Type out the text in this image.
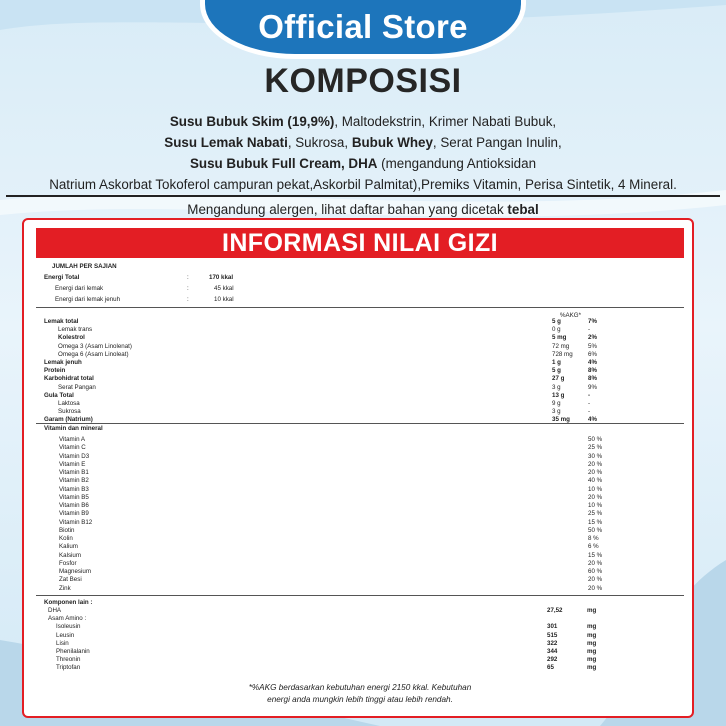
Official Store
KOMPOSISI
Susu Bubuk Skim (19,9%), Maltodekstrin, Krimer Nabati Bubuk,
Susu Lemak Nabati, Sukrosa, Bubuk Whey, Serat Pangan Inulin,
Susu Bubuk Full Cream, DHA (mengandung Antioksidan
Natrium Askorbat Tokoferol campuran pekat,Askorbil Palmitat),Premiks Vitamin, Perisa Sintetik, 4 Mineral.
Mengandung alergen, lihat daftar bahan yang dicetak tebal
INFORMASI NILAI GIZI
JUMLAH PER SAJIAN
Energi Total	:	170 kkal
Energi dari lemak	:	45 kkal
Energi dari lemak jenuh	:	10 kkal
%AKG*
Lemak total	5 g	7%
Lemak trans	0 g	-
Kolestrol	5 mg	2%
Omega 3 (Asam Linolenat)	72 mg	5%
Omega 6 (Asam Linoleat)	728 mg 6%
Lemak jenuh	1 g	4%
Protein	5 g	8%
Karbohidrat total	27 g	8%
Serat Pangan	3 g	9%
Gula Total	13 g	-
Laktosa	9 g	-
Sukrosa	3 g	-
Garam (Natrium)	35 mg	4%
Vitamin dan mineral
Vitamin A	50 %
Vitamin C	25 %
Vitamin D3	30 %
Vitamin E	20 %
Vitamin B1	20 %
Vitamin B2	40 %
Vitamin B3	10 %
Vitamin B5	20 %
Vitamin B6	10 %
Vitamin B9	25 %
Vitamin B12	15 %
Biotin	50 %
Kolin	8 %
Kalium	6 %
Kalsium	15 %
Fosfor	20 %
Magnesium	60 %
Zat Besi	20 %
Zink	20 %
Komponen lain :
DHA	27,52	mg
Asam Amino :
Isoleusin	301	mg
Leusin	515	mg
Lisin	322	mg
Phenilalanin	344	mg
Threonin	292	mg
Triptofan	65	mg
*%AKG berdasarkan kebutuhan energi 2150 kkal. Kebutuhan
energi anda mungkin lebih tinggi atau lebih rendah.
